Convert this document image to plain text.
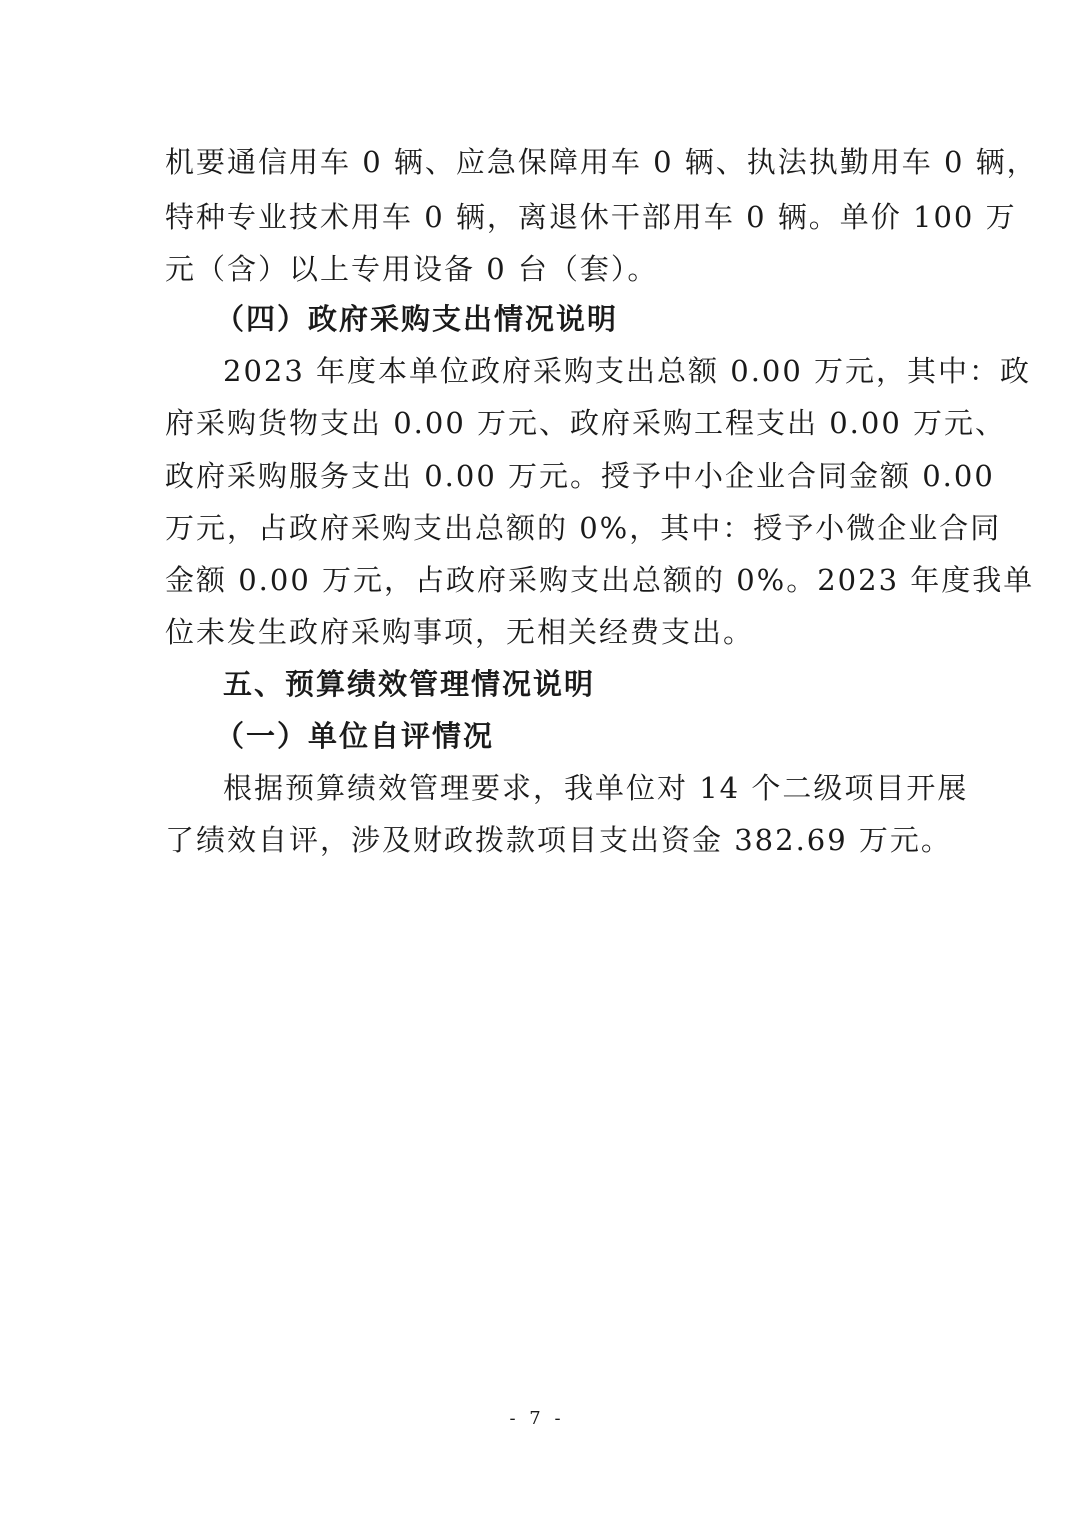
机要通信用车 0 辆、应急保障用车 0 辆、执法执勤用车 0 辆，
特种专业技术用车 0 辆，离退休干部用车 0 辆。单价 100 万
元（含）以上专用设备 0 台（套）。
（四）政府采购支出情况说明
2023 年度本单位政府采购支出总额 0.00 万元，其中：政
府采购货物支出 0.00 万元、政府采购工程支出 0.00 万元、
政府采购服务支出 0.00 万元。授予中小企业合同金额 0.00
万元，占政府采购支出总额的 0%，其中：授予小微企业合同
金额 0.00 万元，占政府采购支出总额的 0%。2023 年度我单
位未发生政府采购事项，无相关经费支出。
五、预算绩效管理情况说明
（一）单位自评情况
根据预算绩效管理要求，我单位对 14 个二级项目开展
了绩效自评，涉及财政拨款项目支出资金 382.69 万元。
- 7 -
